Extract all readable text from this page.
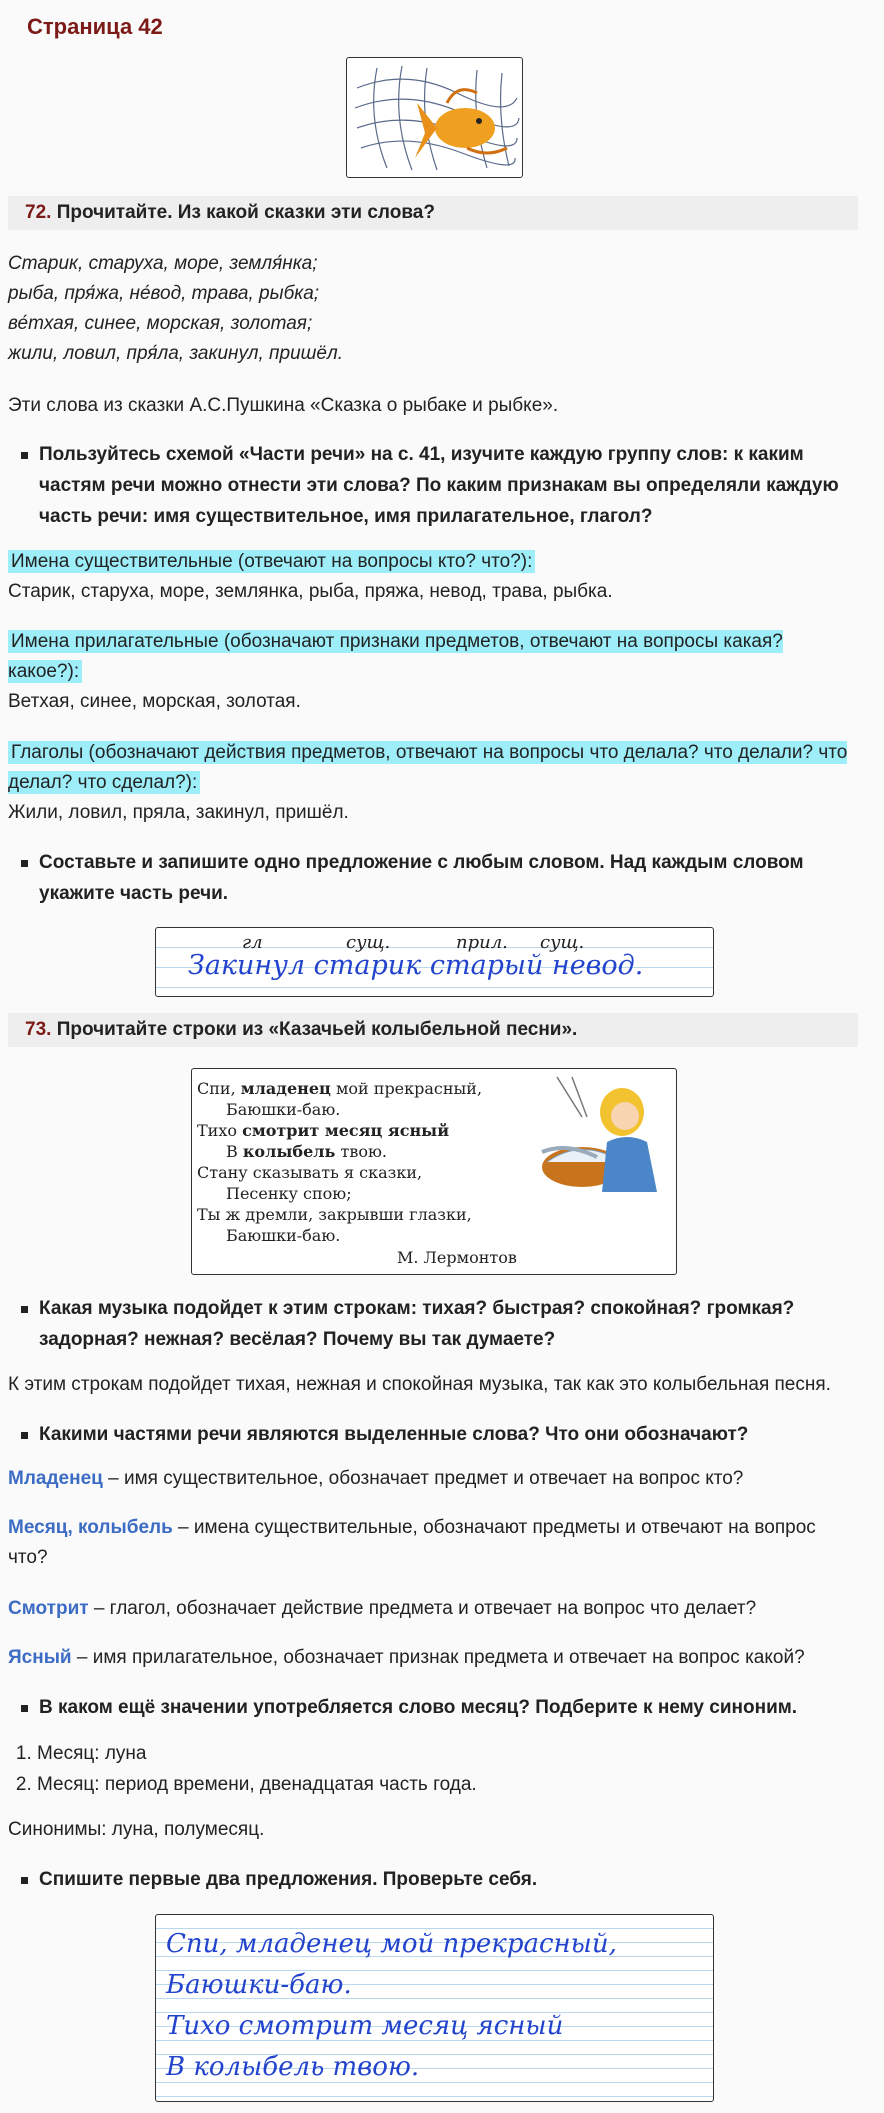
Страница 42
72. Прочитайте. Из какой сказки эти слова?
Старик, старуха, море, земля́нка;
рыба, пря́жа, не́вод, трава, рыбка;
ве́тхая, синее, морская, золотая;
жили, ловил, пря́ла, закинул, пришёл.

Эти слова из сказки А.С.Пушкина «Сказка о рыбаке и рыбке».

Пользуйтесь схемой «Части речи» на с. 41, изучите каждую группу слов: к каким частям речи можно отнести эти слова? По каким признакам вы определяли каждую часть речи: имя существительное, имя прилагательное, глагол?
Имена существительные (отвечают на вопросы кто? что?):
Старик, старуха, море, землянка, рыба, пряжа, невод, трава, рыбка.
Имена прилагательные (обозначают признаки предметов, отвечают на вопросы какая? какое?):
Ветхая, синее, морская, золотая.
Глаголы (обозначают действия предметов, отвечают на вопросы что делала? что делали? что делал? что сделал?):
Жили, ловил, пряла, закинул, пришёл.
Составьте и запишите одно предложение с любым словом. Над каждым словом укажите часть речи.
гл	сущ.	прил. сущ.
Закинул старик старый невод.
73. Прочитайте строки из «Казачьей колыбельной песни».
Спи, младенец мой прекрасный,
Баюшки-баю.
Тихо смотрит месяц ясный
В колыбель твою.
Стану сказывать я сказки,
Песенку спою;
Ты ж дремли, закрывши глазки,
Баюшки-баю.
М. Лермонтов
Какая музыка подойдет к этим строкам: тихая? быстрая? спокойная? громкая? задорная? нежная? весёлая? Почему вы так думаете?

К этим строкам подойдет тихая, нежная и спокойная музыка, так как это колыбельная песня.

Какими частями речи являются выделенные слова? Что они обозначают?

Младенец – имя существительное, обозначает предмет и отвечает на вопрос кто?

Месяц, колыбель – имена существительные, обозначают предметы и отвечают на вопрос что?

Смотрит – глагол, обозначает действие предмета и отвечает на вопрос что делает?

Ясный – имя прилагательное, обозначает признак предмета и отвечает на вопрос какой?

В каком ещё значении употребляется слово месяц? Подберите к нему синоним.
1. Месяц: луна
2. Месяц: период времени, двенадцатая часть года.

Синонимы: луна, полумесяц.

Спишите первые два предложения. Проверьте себя.
Спи, младенец мой прекрасный,
Баюшки-баю.
Тихо смотрит месяц ясный
В колыбель твою.
